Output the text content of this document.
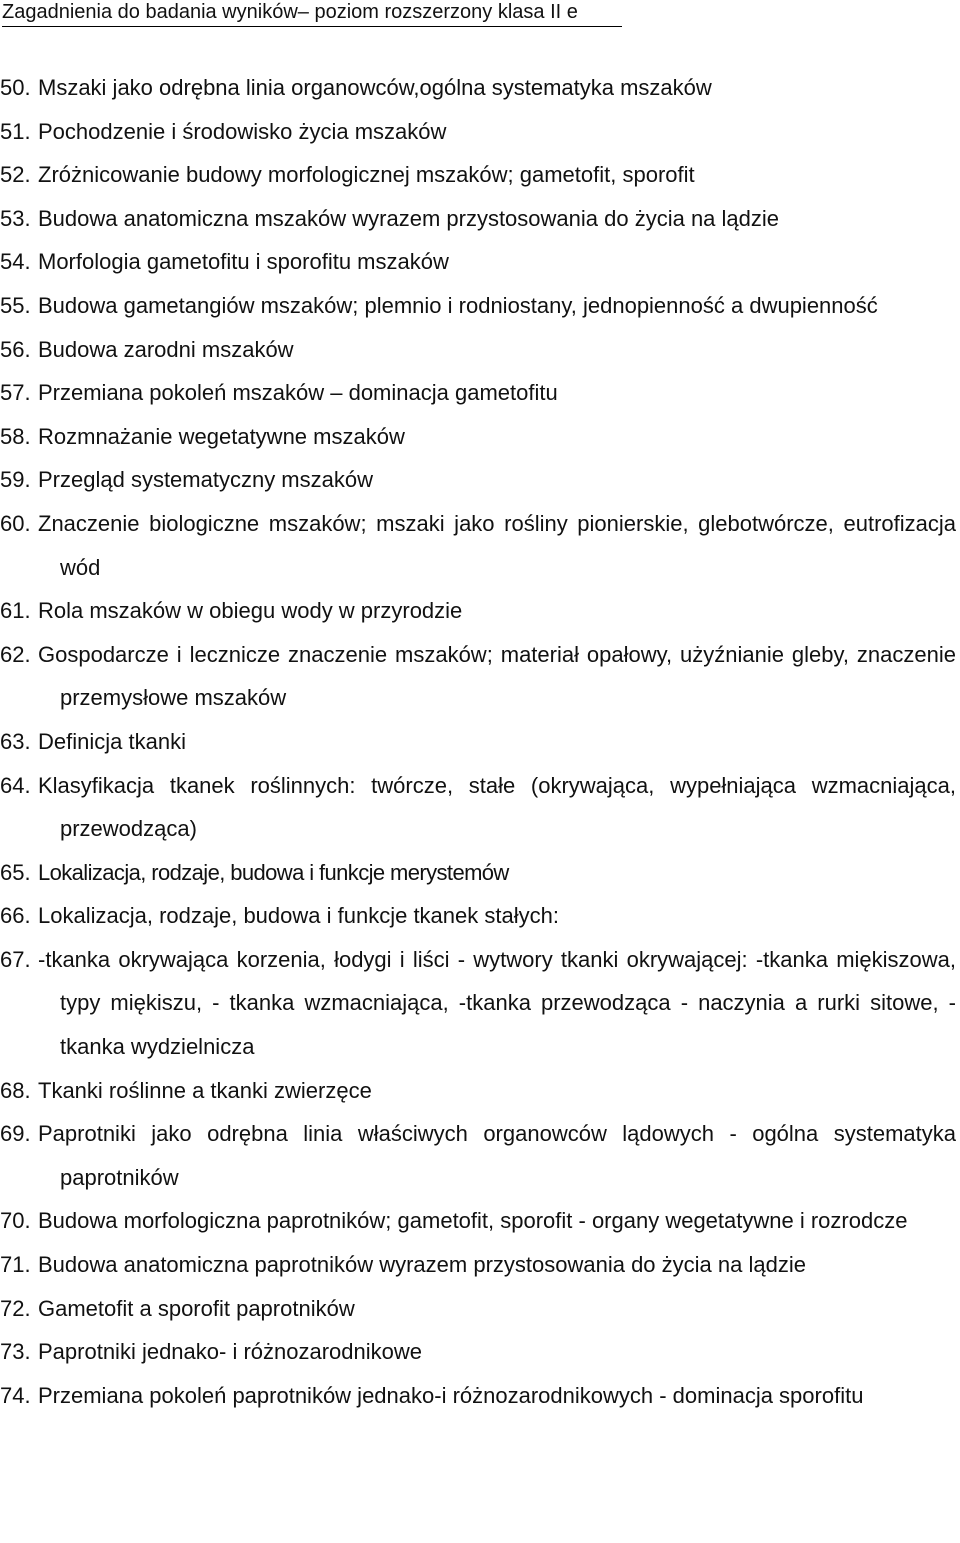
Zagadnienia do badania wyników– poziom rozszerzony klasa II e
50. Mszaki jako odrębna linia organowców,ogólna systematyka mszaków
51. Pochodzenie i środowisko życia mszaków
52. Zróżnicowanie budowy morfologicznej mszaków; gametofit, sporofit
53. Budowa anatomiczna mszaków wyrazem przystosowania do życia na lądzie
54. Morfologia gametofitu i sporofitu mszaków
55. Budowa gametangiów mszaków; plemnio i rodniostany, jednopienność a dwupienność
56. Budowa zarodni mszaków
57. Przemiana pokoleń mszaków – dominacja gametofitu
58. Rozmnażanie wegetatywne mszaków
59. Przegląd systematyczny mszaków
60. Znaczenie biologiczne mszaków; mszaki jako rośliny pionierskie, glebotwórcze, eutrofizacja wód
61. Rola mszaków w obiegu wody w przyrodzie
62. Gospodarcze i lecznicze znaczenie mszaków; materiał opałowy, użyźnianie gleby, znaczenie przemysłowe mszaków
63. Definicja tkanki
64. Klasyfikacja tkanek roślinnych: twórcze, stałe (okrywająca, wypełniająca wzmacniająca, przewodząca)
65. Lokalizacja, rodzaje, budowa i funkcje merystemów
66. Lokalizacja, rodzaje, budowa i funkcje tkanek stałych:
67. -tkanka okrywająca korzenia, łodygi i liści - wytwory tkanki okrywającej: -tkanka miękiszowa, typy miękiszu, - tkanka wzmacniająca, -tkanka przewodząca - naczynia a rurki sitowe, - tkanka wydzielnicza
68. Tkanki roślinne a tkanki zwierzęce
69. Paprotniki jako odrębna linia właściwych organowców lądowych - ogólna systematyka paprotników
70. Budowa morfologiczna paprotników; gametofit, sporofit - organy wegetatywne i rozrodcze
71. Budowa anatomiczna paprotników wyrazem przystosowania do życia na lądzie
72. Gametofit a sporofit paprotników
73. Paprotniki jednako- i różnozarodnikowe
74. Przemiana pokoleń paprotników jednako-i różnozarodnikowych - dominacja sporofitu
